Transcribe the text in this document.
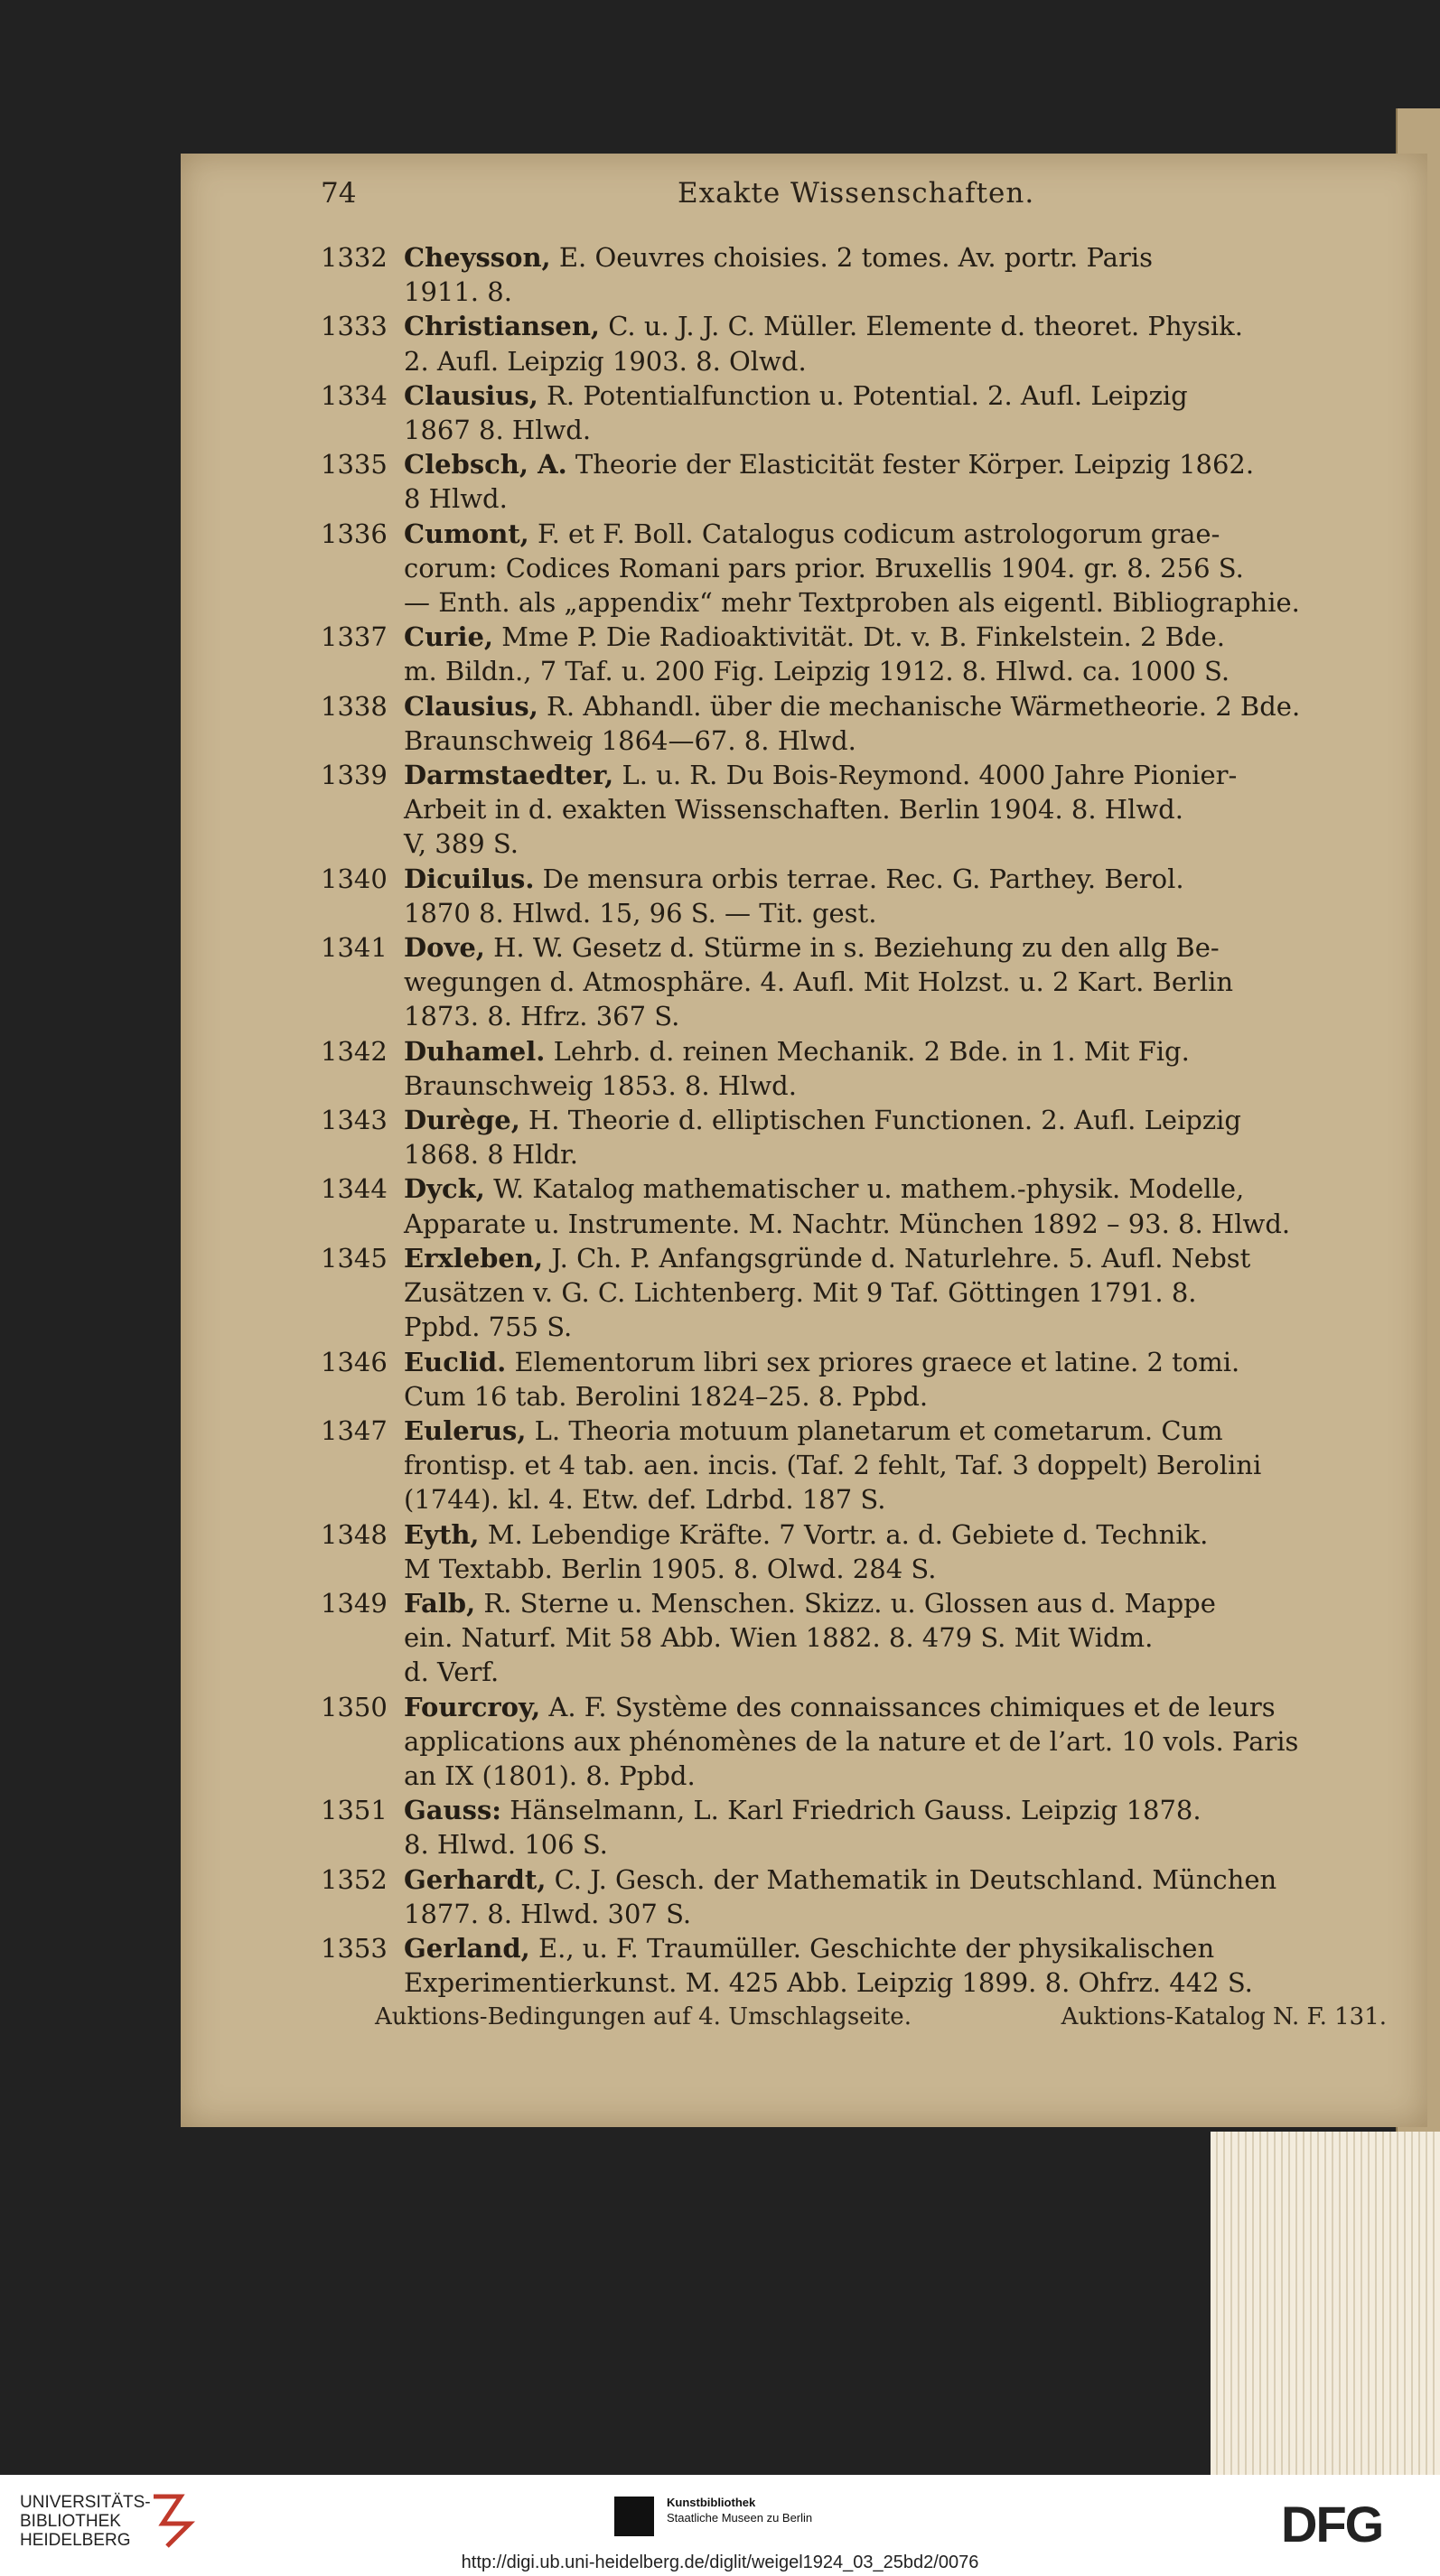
74	Exakte Wissenschaften.
1332 Cheysson, E. Oeuvres choisies. 2 tomes. Av. portr. Paris
1911. 8.
1333 Christiansen, C. u. J. J. C. Müller. Elemente d. theoret. Physik.
2. Aufl. Leipzig 1903. 8. Olwd.
1334 Clausius, R. Potentialfunction u. Potential. 2. Aufl. Leipzig
1867 8. Hlwd.
1335 Clebsch, A. Theorie der Elasticität fester Körper. Leipzig 1862.
8 Hlwd.
1336 Cumont, F. et F. Boll. Catalogus codicum astrologorum grae-
corum: Codices Romani pars prior. Bruxellis 1904. gr. 8. 256 S.
— Enth. als „appendix“ mehr Textproben als eigentl. Bibliographie.
1337 Curie, Mme P. Die Radioaktivität. Dt. v. B. Finkelstein. 2 Bde.
m. Bildn., 7 Taf. u. 200 Fig. Leipzig 1912. 8. Hlwd. ca. 1000 S.
1338 Clausius, R. Abhandl. über die mechanische Wärmetheorie. 2 Bde.
Braunschweig 1864—67. 8. Hlwd.
1339 Darmstaedter, L. u. R. Du Bois-Reymond. 4000 Jahre Pionier-
Arbeit in d. exakten Wissenschaften. Berlin 1904. 8. Hlwd.
V, 389 S.
1340 Dicuilus. De mensura orbis terrae. Rec. G. Parthey. Berol.
1870 8. Hlwd. 15, 96 S. — Tit. gest.
1341 Dove, H. W. Gesetz d. Stürme in s. Beziehung zu den allg Be-
wegungen d. Atmosphäre. 4. Aufl. Mit Holzst. u. 2 Kart. Berlin
1873. 8. Hfrz. 367 S.
1342 Duhamel. Lehrb. d. reinen Mechanik. 2 Bde. in 1. Mit Fig.
Braunschweig 1853. 8. Hlwd.
1343 Durège, H. Theorie d. elliptischen Functionen. 2. Aufl. Leipzig
1868. 8 Hldr.
1344 Dyck, W. Katalog mathematischer u. mathem.-physik. Modelle,
Apparate u. Instrumente. M. Nachtr. München 1892 – 93. 8. Hlwd.
1345 Erxleben, J. Ch. P. Anfangsgründe d. Naturlehre. 5. Aufl. Nebst
Zusätzen v. G. C. Lichtenberg. Mit 9 Taf. Göttingen 1791. 8.
Ppbd. 755 S.
1346 Euclid. Elementorum libri sex priores graece et latine. 2 tomi.
Cum 16 tab. Berolini 1824–25. 8. Ppbd.
1347 Eulerus, L. Theoria motuum planetarum et cometarum. Cum
frontisp. et 4 tab. aen. incis. (Taf. 2 fehlt, Taf. 3 doppelt) Berolini
(1744). kl. 4. Etw. def. Ldrbd. 187 S.
1348 Eyth, M. Lebendige Kräfte. 7 Vortr. a. d. Gebiete d. Technik.
M Textabb. Berlin 1905. 8. Olwd. 284 S.
1349 Falb, R. Sterne u. Menschen. Skizz. u. Glossen aus d. Mappe
ein. Naturf. Mit 58 Abb. Wien 1882. 8. 479 S. Mit Widm.
d. Verf.
1350 Fourcroy, A. F. Système des connaissances chimiques et de leurs
applications aux phénomènes de la nature et de l’art. 10 vols. Paris
an IX (1801). 8. Ppbd.
1351 Gauss: Hänselmann, L. Karl Friedrich Gauss. Leipzig 1878.
8. Hlwd. 106 S.
1352 Gerhardt, C. J. Gesch. der Mathematik in Deutschland. München
1877. 8. Hlwd. 307 S.
1353 Gerland, E., u. F. Traumüller. Geschichte der physikalischen
Experimentierkunst. M. 425 Abb. Leipzig 1899. 8. Ohfrz. 442 S.
Auktions-Bedingungen auf 4. Umschlagseite.	Auktions-Katalog N. F. 131.
UNIVERSITÄTS-
BIBLIOTHEK
HEIDELBERG
Kunstbibliothek
Staatliche Museen zu Berlin	DFG
http://digi.ub.uni-heidelberg.de/diglit/weigel1924_03_25bd2/0076
